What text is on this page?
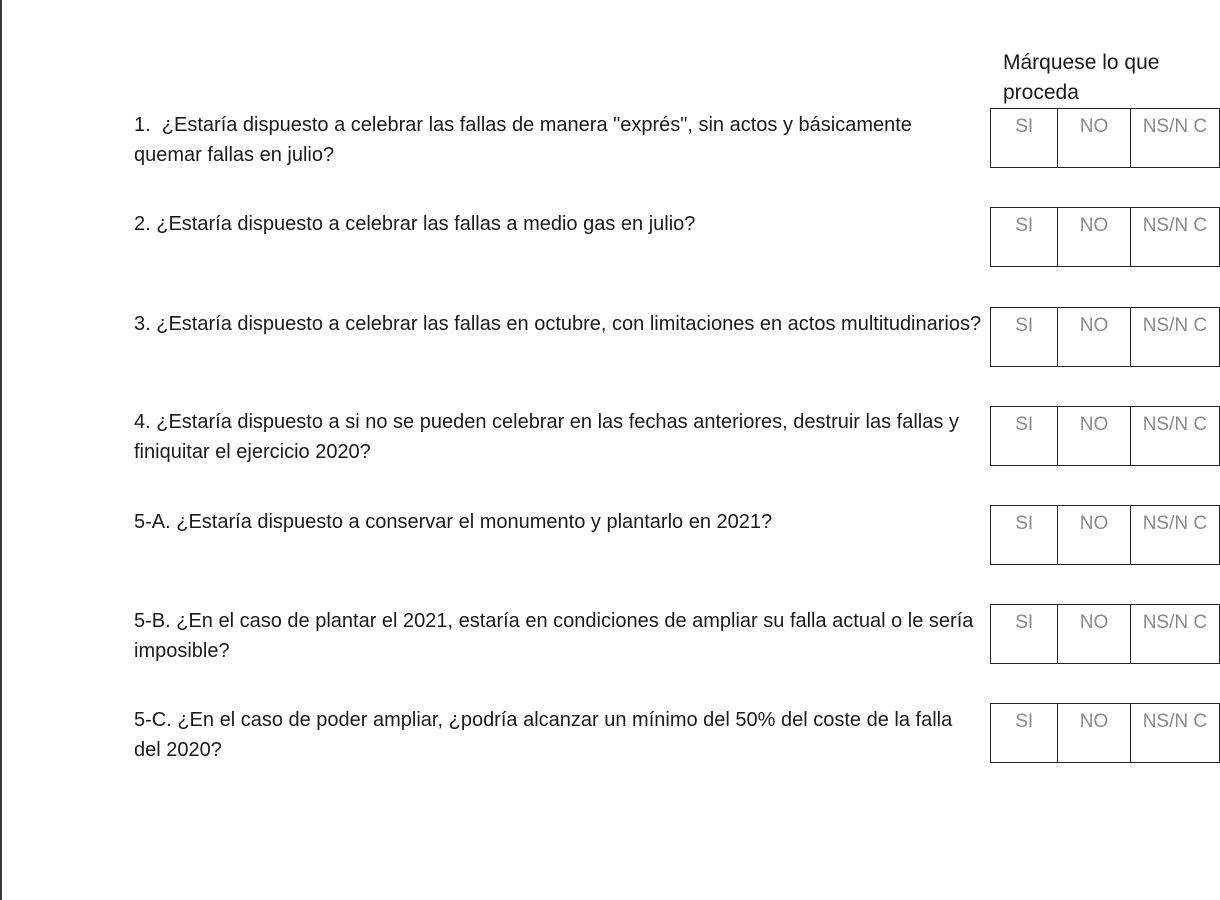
Márquese lo que proceda
1.  ¿Estaría dispuesto a celebrar las fallas de manera "exprés", sin actos y básicamente quemar fallas en julio?
SI	NO	NS/N C
2. ¿Estaría dispuesto a celebrar las fallas a medio gas en julio?	SI	NO	NS/N C
3. ¿Estaría dispuesto a celebrar las fallas en octubre, con limitaciones en actos multitudinarios?	SI	NO	NS/N C
4. ¿Estaría dispuesto a si no se pueden celebrar en las fechas anteriores, destruir las fallas y  finiquitar el ejercicio 2020?
SI	NO	NS/N C
5-A. ¿Estaría dispuesto a conservar el monumento y plantarlo en 2021?	SI	NO	NS/N C
5-B. ¿En el caso de plantar el 2021, estaría en condiciones de ampliar su falla actual o le sería imposible?
SI	NO	NS/N C
5-C. ¿En el caso de poder ampliar, ¿podría alcanzar un mínimo del 50% del coste de la falla del 2020?
SI	NO	NS/N C
